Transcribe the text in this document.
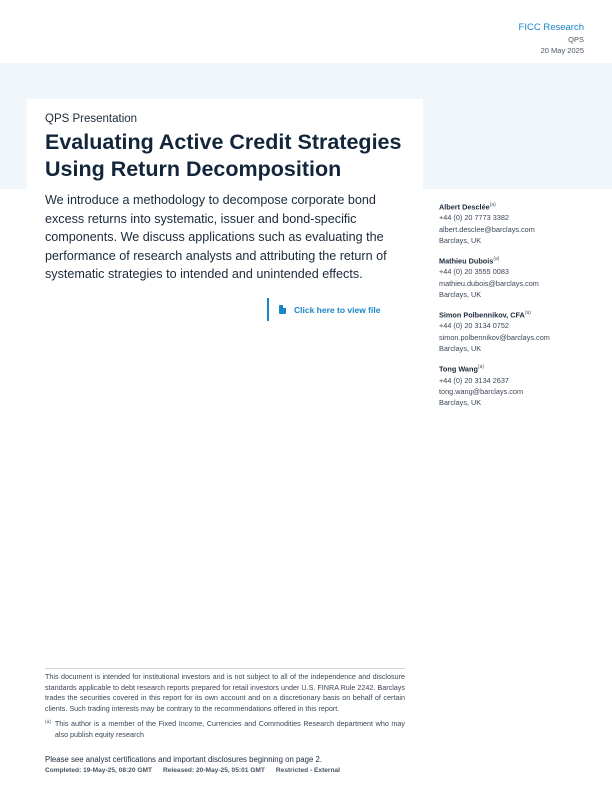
FICC Research
QPS
20 May 2025
QPS Presentation
Evaluating Active Credit Strategies Using Return Decomposition
We introduce a methodology to decompose corporate bond excess returns into systematic, issuer and bond-specific components. We discuss applications such as evaluating the performance of research analysts and attributing the return of systematic strategies to intended and unintended effects.
Click here to view file
Albert Desclée$^{(a)}$
+44 (0) 20 7773 3382
albert.desclee@barclays.com
Barclays, UK
Mathieu Dubois$^{(a)}$
+44 (0) 20 3555 0083
mathieu.dubois@barclays.com
Barclays, UK
Simon Polbennikov, $CFA^{(a)}$
+44 (0) 20 3134 0752
simon.polbennikov@barclays.com
Barclays, UK
Tong Wang$^{(a)}$
+44 (0) 20 3134 2637
tong.wang@barclays.com
Barclays, UK
This document is intended for institutional investors and is not subject to all of the independence and disclosure standards applicable to debt research reports prepared for retail investors under U.S. FINRA Rule 2242. Barclays trades the securities covered in this report for its own account and on a discretionary basis on behalf of certain clients. Such trading interests may be contrary to the recommendations offered in this report.
(a) This author is a member of the Fixed Income, Currencies and Commodities Research department who may also publish equity research
Please see analyst certifications and important disclosures beginning on page 2.
Completed: 19-May-25, 08:20 GMT Released: 20-May-25, 05:01 GMT Restricted - External
